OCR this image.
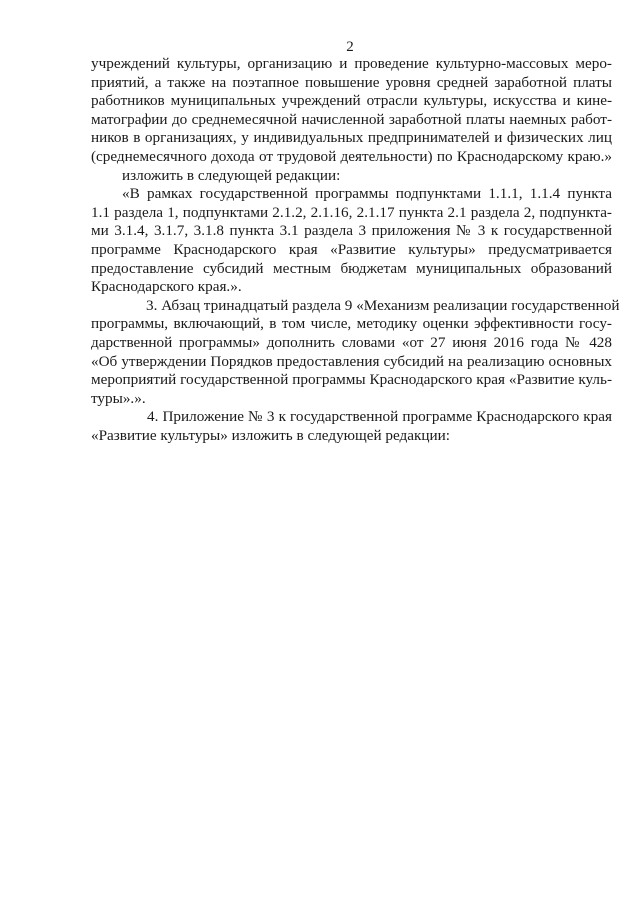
2
учреждений культуры, организацию и проведение культурно-массовых меро-
приятий, а также на поэтапное повышение уровня средней заработной платы
работников муниципальных учреждений отрасли культуры, искусства и кине-
матографии до среднемесячной начисленной заработной платы наемных работ-
ников в организациях, у индивидуальных предпринимателей и физических лиц
(среднемесячного дохода от трудовой деятельности) по Краснодарскому краю.»
изложить в следующей редакции:
«В рамках государственной программы подпунктами 1.1.1, 1.1.4 пункта
1.1 раздела 1, подпунктами 2.1.2, 2.1.16, 2.1.17 пункта 2.1 раздела 2, подпункта-
ми 3.1.4, 3.1.7, 3.1.8 пункта 3.1 раздела 3 приложения № 3 к государственной
программе Краснодарского края «Развитие культуры» предусматривается
предоставление субсидий местным бюджетам муниципальных образований
Краснодарского края.».
3. Абзац тринадцатый раздела 9 «Механизм реализации государственной
программы, включающий, в том числе, методику оценки эффективности госу-
дарственной программы» дополнить словами «от 27 июня 2016 года № 428
«Об утверждении Порядков предоставления субсидий на реализацию основных
мероприятий государственной программы Краснодарского края «Развитие куль-
туры».».
4. Приложение № 3 к государственной программе Краснодарского края
«Развитие культуры» изложить в следующей редакции:
